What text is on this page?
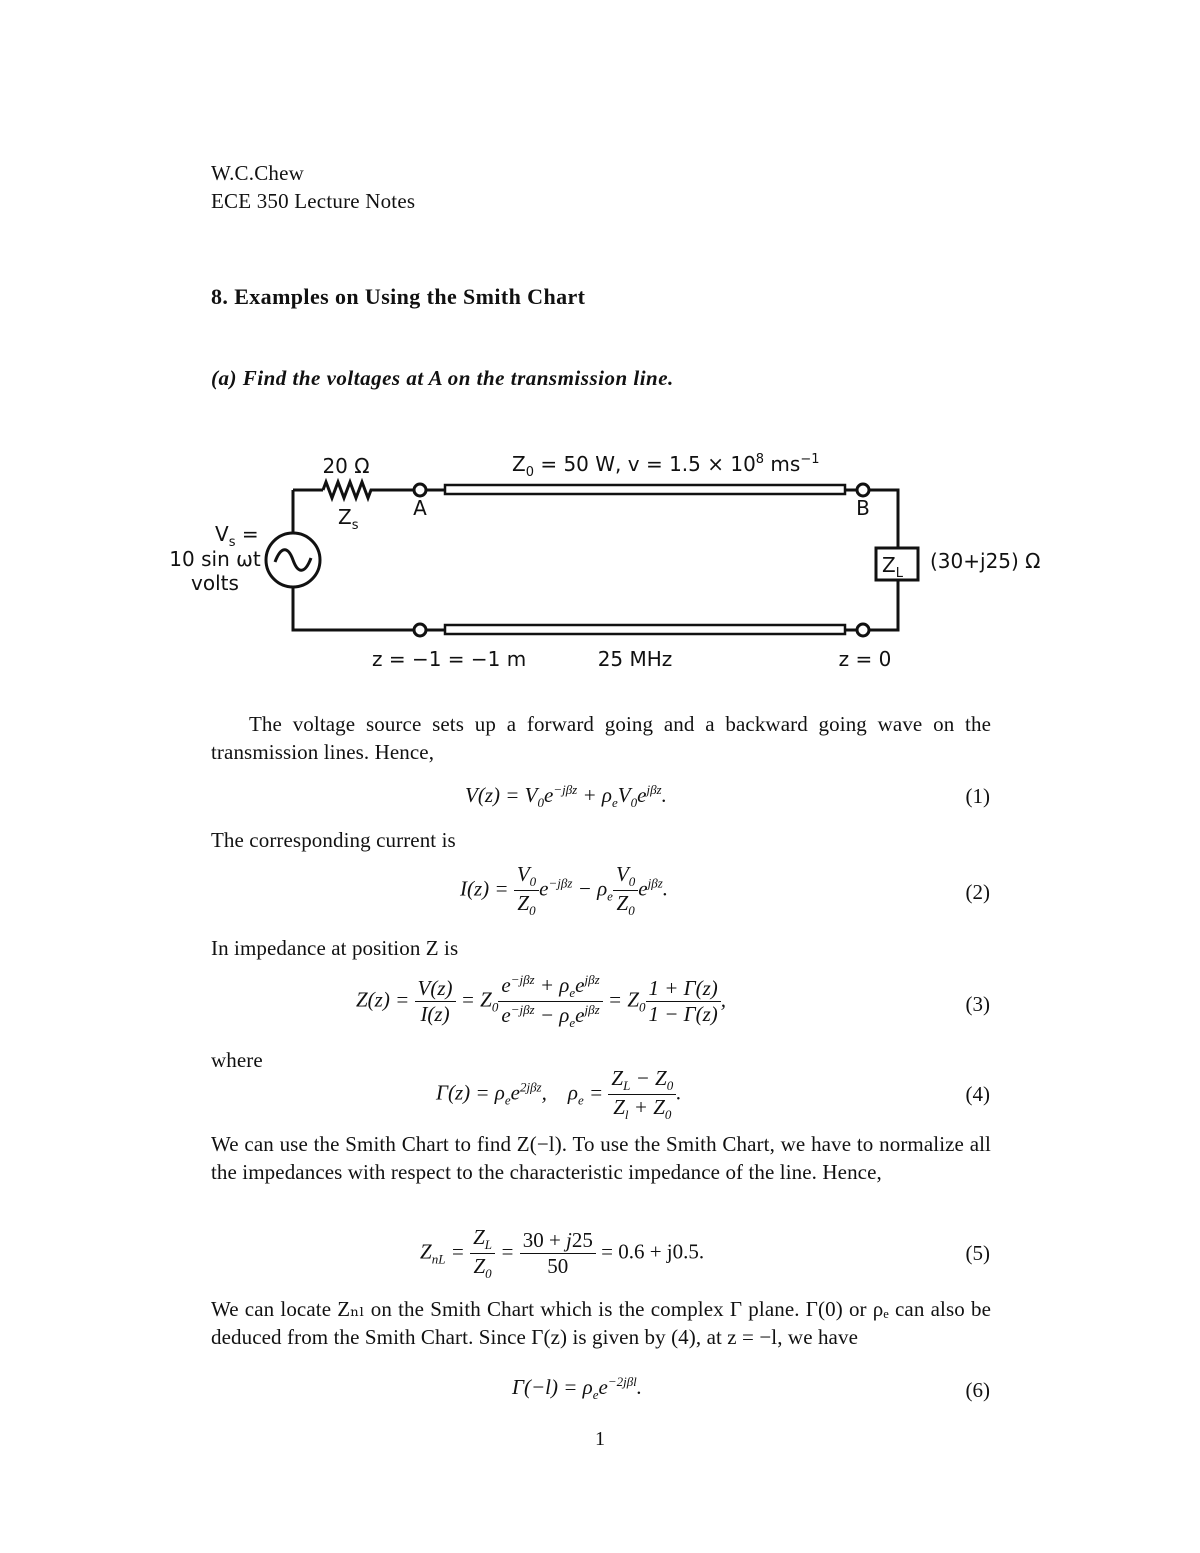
W.C.Chew
ECE 350 Lecture Notes
8. Examples on Using the Smith Chart
(a) Find the voltages at A on the transmission line.
$V_s$ =
10 sin ωt
volts
20 Ω
$Z_s$
A	B
$Z_0 = 50$ W, $v = 1.5 \times 10^8$ $ms^{-1}$
$Z_L$
(30+j25) Ω
z = −1 = −1 m	25 MHz	z = 0
The voltage source sets up a forward going and a backward going wave on the transmission lines. Hence,
$V(z) = V_0e^{-j\beta z} + \rho_eV_0e^{j\beta z}$.	(1)
The corresponding current is
$I(z) = \frac{V_0}{Z_0} e^{-j\beta z} - \rho_e \frac{V_0}{Z_0} e^{j\beta z}$.	(2)
In impedance at position Z is
$Z(z) = \frac{V(z)}{I(z)} = Z_0 \frac{e^{-j\beta z} + \rho_ee^{j\beta z}}{e^{-j\beta z} - \rho_ee^{j\beta z}} = Z_0 \frac{1 + \Gamma(z)}{1 - \Gamma(z)}$ ,	(3)
where
$\Gamma(z) = \rho_ee^{2j\beta z}$,    $\rho_e = \frac{Z_L - Z_0}{Z_l + Z_0}$ .	(4)
We can use the Smith Chart to find Z(−l). To use the Smith Chart, we have to normalize all the impedances with respect to the characteristic impedance of the line. Hence,
$Z_{nL} = \frac{Z_L}{Z_0} = \frac{30 + j25}{50} = 0.6 + j0.5$.	(5)
We can locate Zₙₗ on the Smith Chart which is the complex Γ plane. Γ(0) or ρₑ can also be deduced from the Smith Chart. Since Γ(z) is given by (4), at z = −l, we have
$\Gamma(-l) = \rho_ee^{-2j\beta l}$.	(6)
1
